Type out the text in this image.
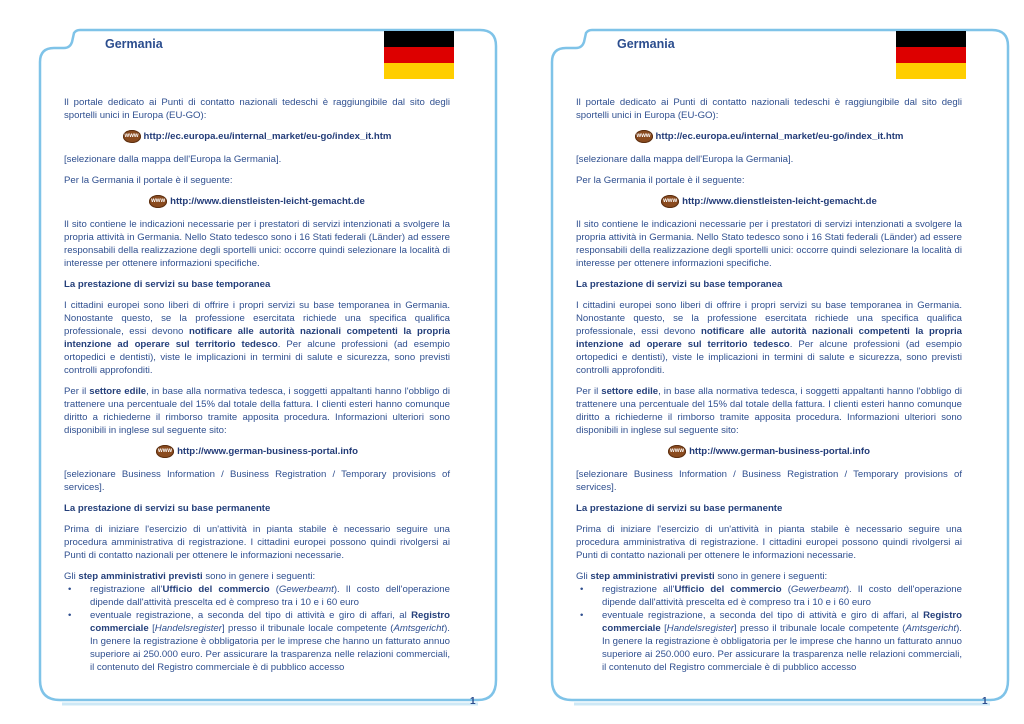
Germania

Il portale dedicato ai Punti di contatto nazionali tedeschi è raggiungibile dal sito degli sportelli unici in Europa (EU-GO):

www http://ec.europa.eu/internal_market/eu-go/index_it.htm

[selezionare dalla mappa dell'Europa la Germania].

Per la Germania il portale è il seguente:

www http://www.dienstleisten-leicht-gemacht.de

Il sito contiene le indicazioni necessarie per i prestatori di servizi intenzionati a svolgere la propria attività in Germania. Nello Stato tedesco sono i 16 Stati federali (Länder) ad essere responsabili della realizzazione degli sportelli unici: occorre quindi selezionare la località di interesse per ottenere informazioni specifiche.

La prestazione di servizi su base temporanea

I cittadini europei sono liberi di offrire i propri servizi su base temporanea in Germania. Nonostante questo, se la professione esercitata richiede una specifica qualifica professionale, essi devono notificare alle autorità nazionali competenti la propria intenzione ad operare sul territorio tedesco. Per alcune professioni (ad esempio ortopedici e dentisti), viste le implicazioni in termini di salute e sicurezza, sono previsti controlli approfonditi.

Per il settore edile, in base alla normativa tedesca, i soggetti appaltanti hanno l'obbligo di trattenere una percentuale del 15% dal totale della fattura. I clienti esteri hanno comunque diritto a richiederne il rimborso tramite apposita procedura. Informazioni ulteriori sono disponibili in inglese sul seguente sito:

www http://www.german-business-portal.info

[selezionare Business Information / Business Registration / Temporary provisions of services].

La prestazione di servizi su base permanente

Prima di iniziare l'esercizio di un'attività in pianta stabile è necessario seguire una procedura amministrativa di registrazione. I cittadini europei possono quindi rivolgersi ai Punti di contatto nazionali per ottenere le informazioni necessarie.

Gli step amministrativi previsti sono in genere i seguenti:
• registrazione all'Ufficio del commercio (Gewerbeamt). Il costo dell'operazione dipende dall'attività prescelta ed è compreso tra i 10 e i 60 euro
• eventuale registrazione, a seconda del tipo di attività e giro di affari, al Registro commerciale [Handelsregister] presso il tribunale locale competente (Amtsgericht). In genere la registrazione è obbligatoria per le imprese che hanno un fatturato annuo superiore ai 250.000 euro. Per assicurare la trasparenza nelle relazioni commerciali, il contenuto del Registro commerciale è di pubblico accesso
1
Germania

Il portale dedicato ai Punti di contatto nazionali tedeschi è raggiungibile dal sito degli sportelli unici in Europa (EU-GO):

www http://ec.europa.eu/internal_market/eu-go/index_it.htm

[selezionare dalla mappa dell'Europa la Germania].

Per la Germania il portale è il seguente:

www http://www.dienstleisten-leicht-gemacht.de

Il sito contiene le indicazioni necessarie per i prestatori di servizi intenzionati a svolgere la propria attività in Germania. Nello Stato tedesco sono i 16 Stati federali (Länder) ad essere responsabili della realizzazione degli sportelli unici: occorre quindi selezionare la località di interesse per ottenere informazioni specifiche.

La prestazione di servizi su base temporanea

I cittadini europei sono liberi di offrire i propri servizi su base temporanea in Germania. Nonostante questo, se la professione esercitata richiede una specifica qualifica professionale, essi devono notificare alle autorità nazionali competenti la propria intenzione ad operare sul territorio tedesco. Per alcune professioni (ad esempio ortopedici e dentisti), viste le implicazioni in termini di salute e sicurezza, sono previsti controlli approfonditi.

Per il settore edile, in base alla normativa tedesca, i soggetti appaltanti hanno l'obbligo di trattenere una percentuale del 15% dal totale della fattura. I clienti esteri hanno comunque diritto a richiederne il rimborso tramite apposita procedura. Informazioni ulteriori sono disponibili in inglese sul seguente sito:

www http://www.german-business-portal.info

[selezionare Business Information / Business Registration / Temporary provisions of services].

La prestazione di servizi su base permanente

Prima di iniziare l'esercizio di un'attività in pianta stabile è necessario seguire una procedura amministrativa di registrazione. I cittadini europei possono quindi rivolgersi ai Punti di contatto nazionali per ottenere le informazioni necessarie.

Gli step amministrativi previsti sono in genere i seguenti:
• registrazione all'Ufficio del commercio (Gewerbeamt). Il costo dell'operazione dipende dall'attività prescelta ed è compreso tra i 10 e i 60 euro
• eventuale registrazione, a seconda del tipo di attività e giro di affari, al Registro commerciale [Handelsregister] presso il tribunale locale competente (Amtsgericht). In genere la registrazione è obbligatoria per le imprese che hanno un fatturato annuo superiore ai 250.000 euro. Per assicurare la trasparenza nelle relazioni commerciali, il contenuto del Registro commerciale è di pubblico accesso
1
